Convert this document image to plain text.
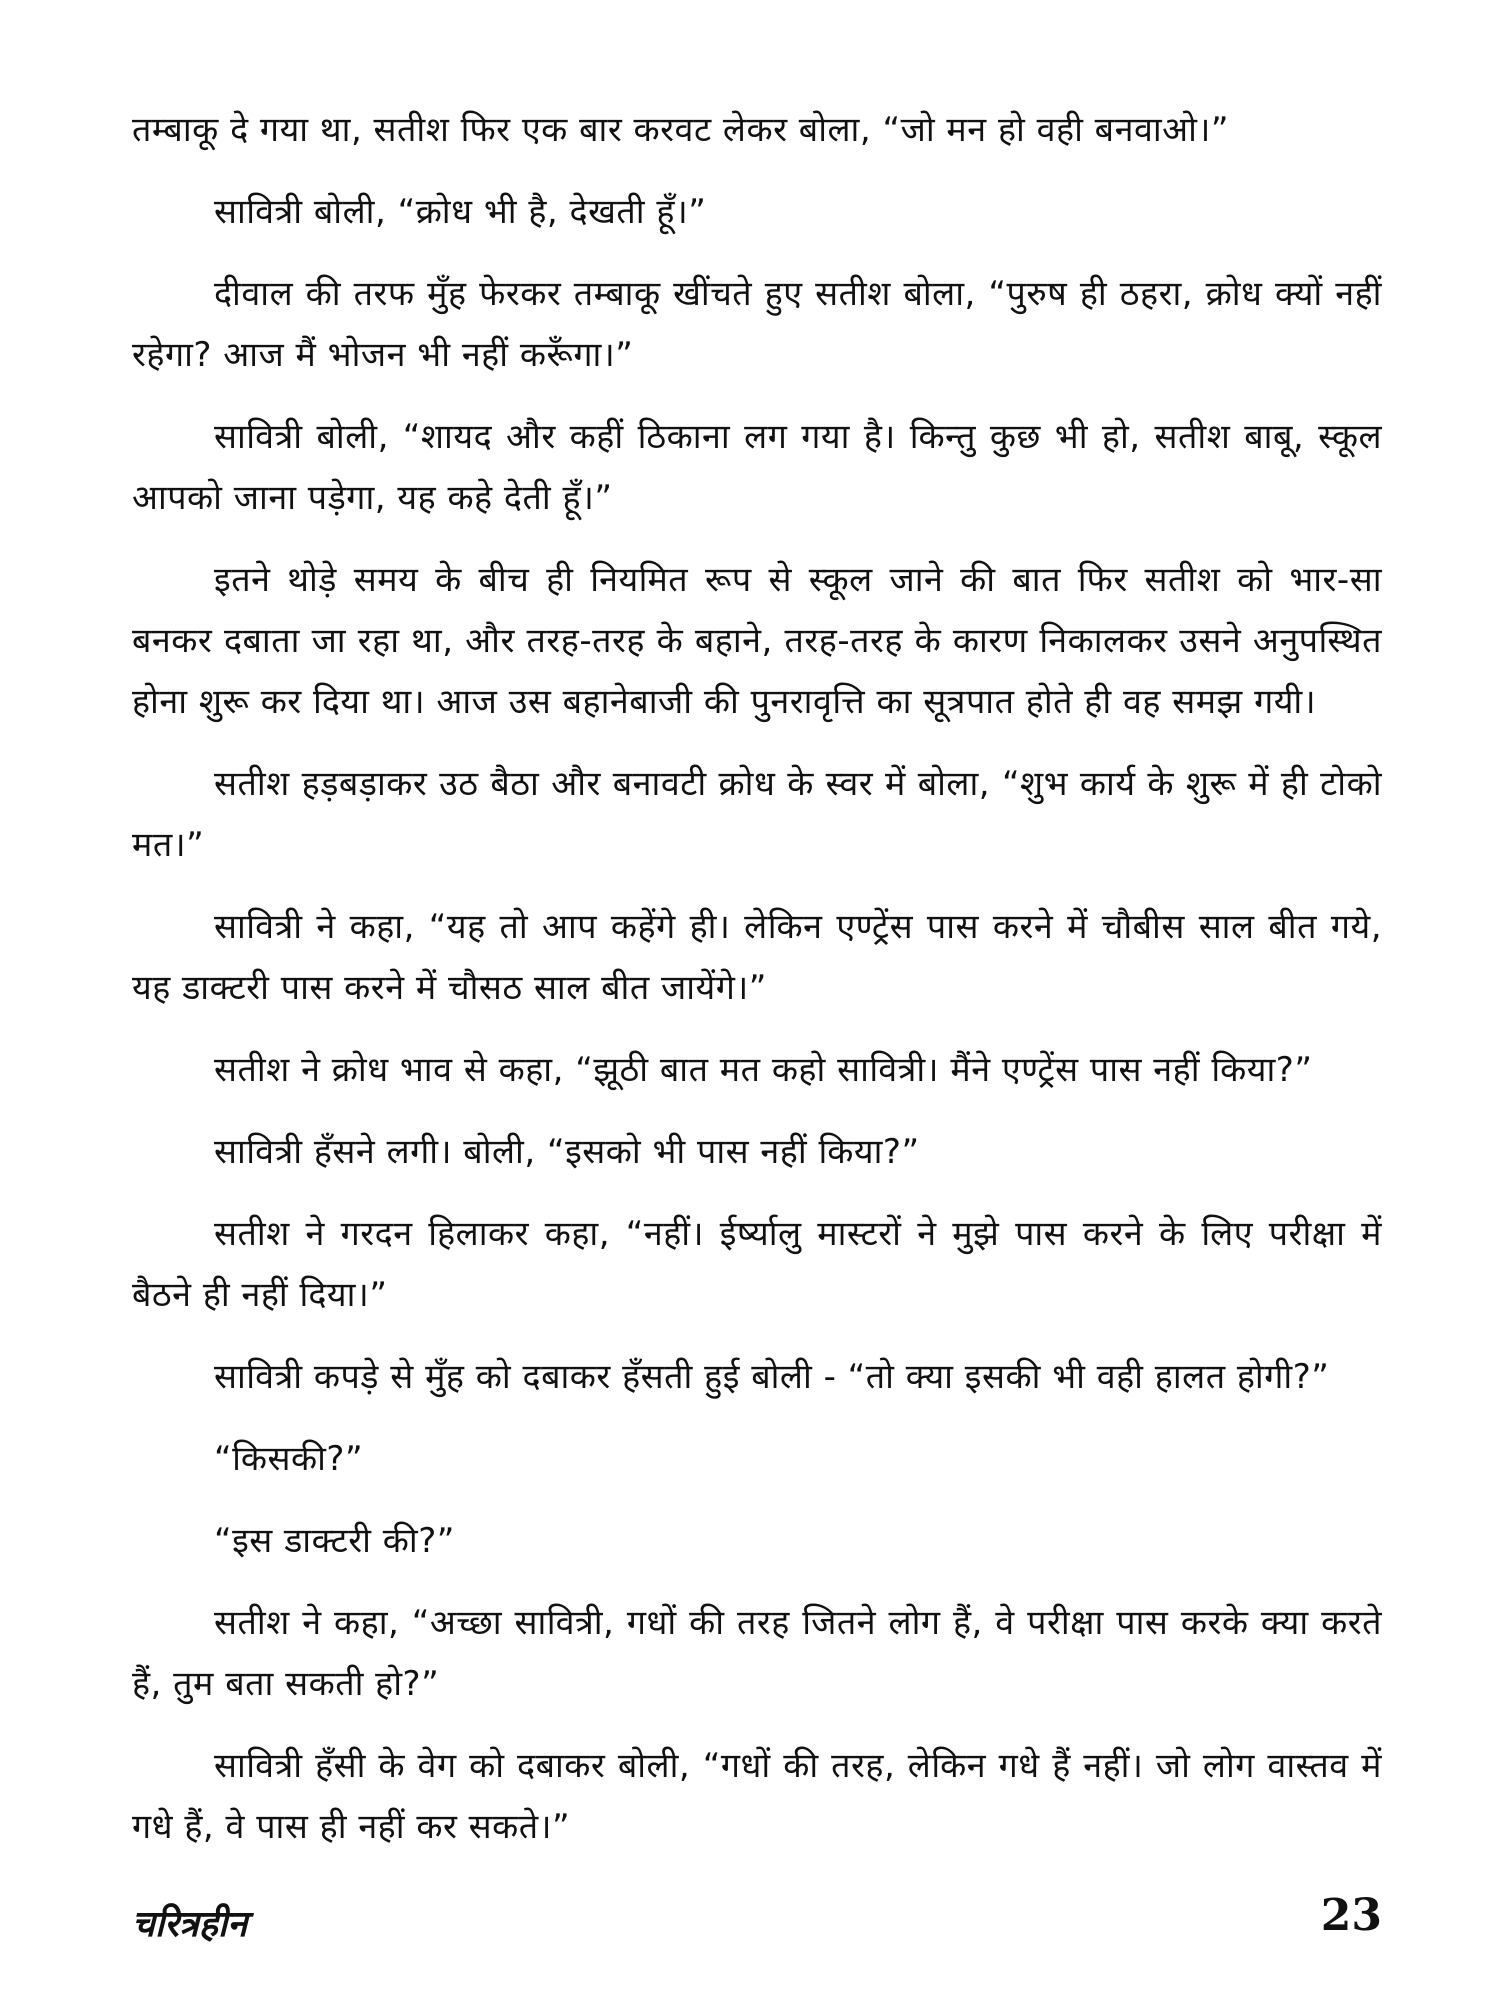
तम्बाकू दे गया था, सतीश फिर एक बार करवट लेकर बोला, “जो मन हो वही बनवाओ।”

सावित्री बोली, “क्रोध भी है, देखती हूँ।”

दीवाल की तरफ मुँह फेरकर तम्बाकू खींचते हुए सतीश बोला, “पुरुष ही ठहरा, क्रोध क्यों नहीं रहेगा? आज मैं भोजन भी नहीं करूँगा।”

सावित्री बोली, “शायद और कहीं ठिकाना लग गया है। किन्तु कुछ भी हो, सतीश बाबू, स्कूल आपको जाना पड़ेगा, यह कहे देती हूँ।”

इतने थोड़े समय के बीच ही नियमित रूप से स्कूल जाने की बात फिर सतीश को भार-सा बनकर दबाता जा रहा था, और तरह-तरह के बहाने, तरह-तरह के कारण निकालकर उसने अनुपस्थित होना शुरू कर दिया था। आज उस बहानेबाजी की पुनरावृत्ति का सूत्रपात होते ही वह समझ गयी।

सतीश हड़बड़ाकर उठ बैठा और बनावटी क्रोध के स्वर में बोला, “शुभ कार्य के शुरू में ही टोको मत।”

सावित्री ने कहा, “यह तो आप कहेंगे ही। लेकिन एण्ट्रेंस पास करने में चौबीस साल बीत गये, यह डाक्टरी पास करने में चौसठ साल बीत जायेंगे।”

सतीश ने क्रोध भाव से कहा, “झूठी बात मत कहो सावित्री। मैंने एण्ट्रेंस पास नहीं किया?”

सावित्री हँसने लगी। बोली, “इसको भी पास नहीं किया?”

सतीश ने गरदन हिलाकर कहा, “नहीं। ईर्ष्यालु मास्टरों ने मुझे पास करने के लिए परीक्षा में बैठने ही नहीं दिया।”

सावित्री कपड़े से मुँह को दबाकर हँसती हुई बोली - “तो क्या इसकी भी वही हालत होगी?”

“किसकी?”

“इस डाक्टरी की?”

सतीश ने कहा, “अच्छा सावित्री, गधों की तरह जितने लोग हैं, वे परीक्षा पास करके क्या करते हैं, तुम बता सकती हो?”

सावित्री हँसी के वेग को दबाकर बोली, “गधों की तरह, लेकिन गधे हैं नहीं। जो लोग वास्तव में गधे हैं, वे पास ही नहीं कर सकते।”

चरित्रहीन	23
